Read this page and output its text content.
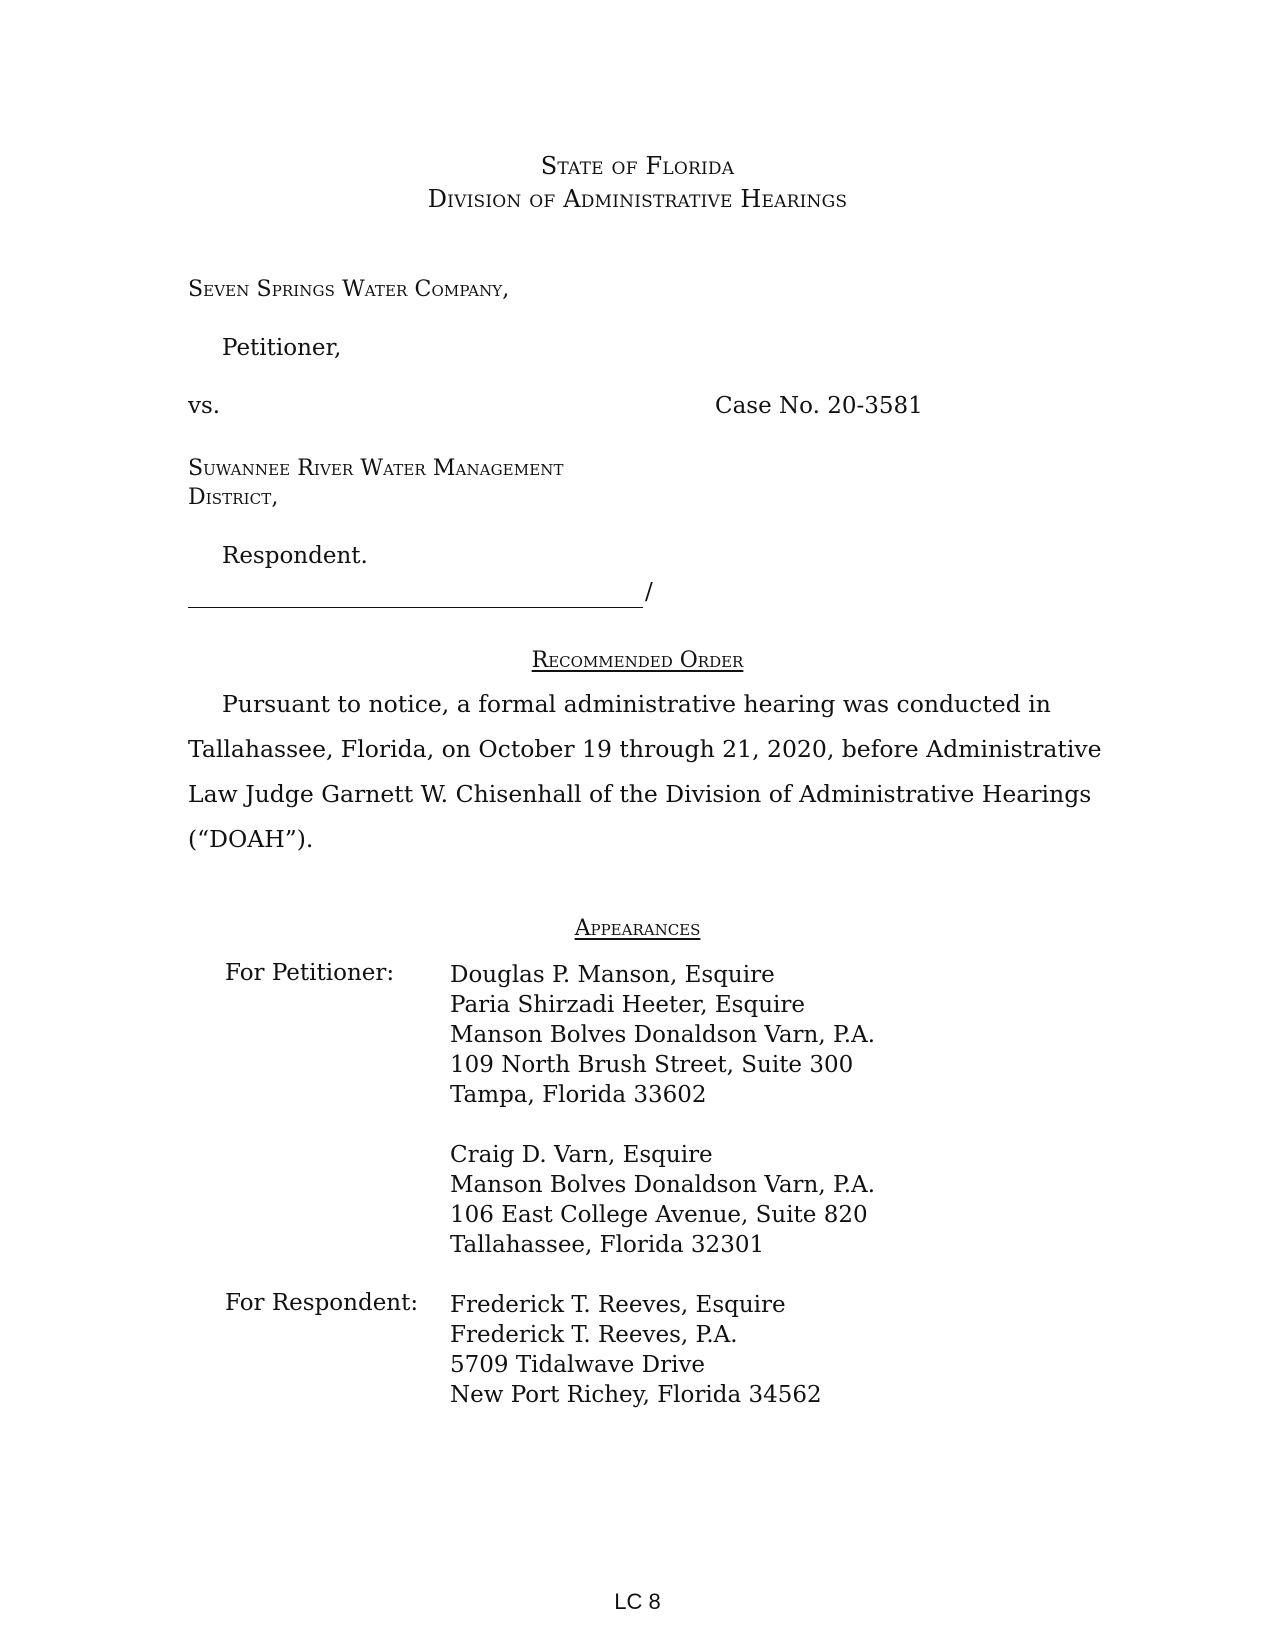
State of Florida
Division of Administrative Hearings
Seven Springs Water Company,
Petitioner,
vs.	Case No. 20-3581
Suwannee River Water Management
District,
Respondent.
/
Recommended Order
Pursuant to notice, a formal administrative hearing was conducted in
Tallahassee, Florida, on October 19 through 21, 2020, before Administrative
Law Judge Garnett W. Chisenhall of the Division of Administrative Hearings
(“DOAH”).
Appearances
For Petitioner: Douglas P. Manson, Esquire
Paria Shirzadi Heeter, Esquire
Manson Bolves Donaldson Varn, P.A.
109 North Brush Street, Suite 300
Tampa, Florida 33602
Craig D. Varn, Esquire
Manson Bolves Donaldson Varn, P.A.
106 East College Avenue, Suite 820
Tallahassee, Florida 32301
For Respondent: Frederick T. Reeves, Esquire
Frederick T. Reeves, P.A.
5709 Tidalwave Drive
New Port Richey, Florida 34562
LC 8
